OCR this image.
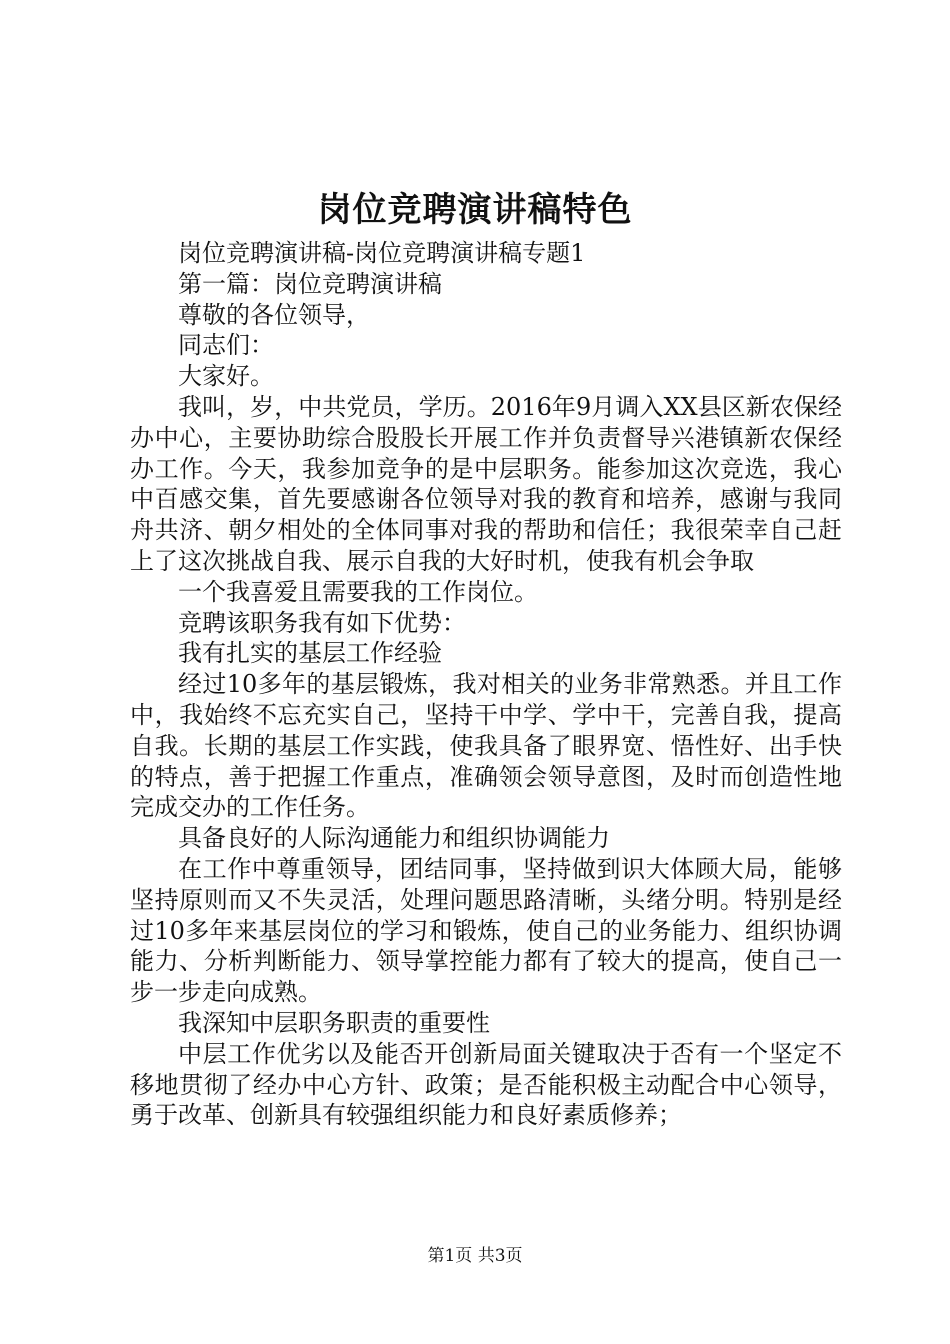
岗位竞聘演讲稿特色

岗位竞聘演讲稿-岗位竞聘演讲稿专题1

第一篇：岗位竞聘演讲稿

尊敬的各位领导，

同志们：

大家好。

我叫，岁，中共党员，学历。2016年9月调入XX县区新农保经办中心，主要协助综合股股长开展工作并负责督导兴港镇新农保经办工作。今天，我参加竞争的是中层职务。能参加这次竞选，我心中百感交集，首先要感谢各位领导对我的教育和培养，感谢与我同舟共济、朝夕相处的全体同事对我的帮助和信任；我很荣幸自己赶上了这次挑战自我、展示自我的大好时机，使我有机会争取

一个我喜爱且需要我的工作岗位。

竞聘该职务我有如下优势：

我有扎实的基层工作经验

经过10多年的基层锻炼，我对相关的业务非常熟悉。并且工作中，我始终不忘充实自己，坚持干中学、学中干，完善自我，提高自我。长期的基层工作实践，使我具备了眼界宽、悟性好、出手快的特点，善于把握工作重点，准确领会领导意图，及时而创造性地完成交办的工作任务。

具备良好的人际沟通能力和组织协调能力

在工作中尊重领导，团结同事，坚持做到识大体顾大局，能够坚持原则而又不失灵活，处理问题思路清晰，头绪分明。特别是经过10多年来基层岗位的学习和锻炼，使自己的业务能力、组织协调能力、分析判断能力、领导掌控能力都有了较大的提高，使自己一步一步走向成熟。

我深知中层职务职责的重要性

中层工作优劣以及能否开创新局面关键取决于否有一个坚定不移地贯彻了经办中心方针、政策；是否能积极主动配合中心领导，勇于改革、创新具有较强组织能力和良好素质修养；

第1页 共3页
